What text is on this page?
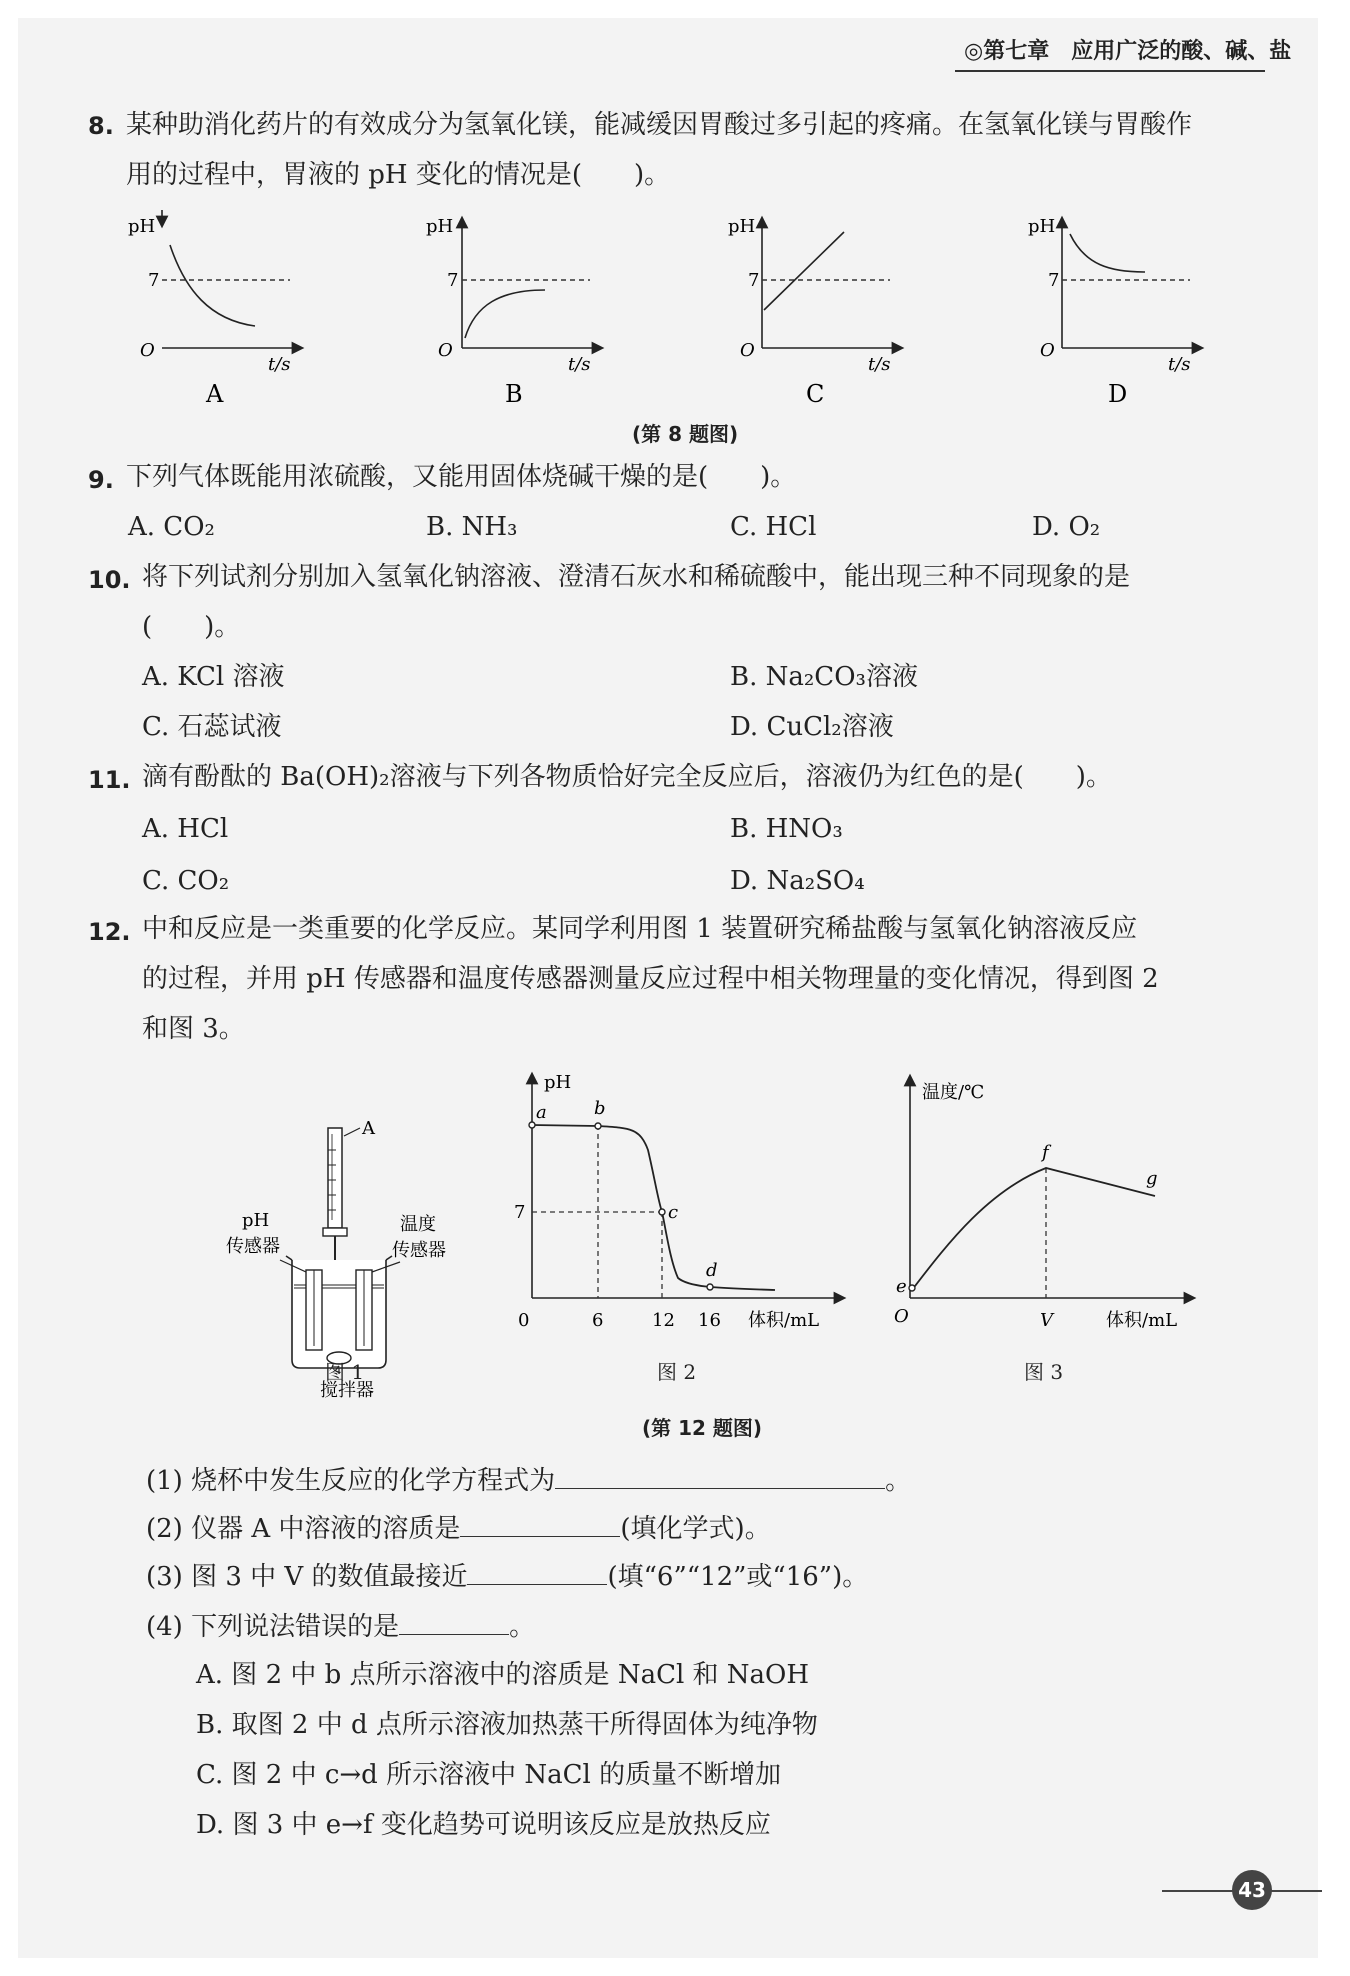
◎第七章　应用广泛的酸、碱、盐
8. 某种助消化药片的有效成分为氢氧化镁，能减缓因胃酸过多引起的疼痛。在氢氧化镁与胃酸作
用的过程中，胃液的 pH 变化的情况是(　　)。
pH
7
O
t/s
A
pH
7
O
t/s
B
pH
7
O
t/s
C
pH
7
O
t/s
D
(第 8 题图)
9. 下列气体既能用浓硫酸，又能用固体烧碱干燥的是(　　)。
A. CO₂	B. NH₃	C. HCl	D. O₂
10. 将下列试剂分别加入氢氧化钠溶液、澄清石灰水和稀硫酸中，能出现三种不同现象的是
(　　)。
A. KCl 溶液	B. Na₂CO₃溶液
C. 石蕊试液	D. CuCl₂溶液
11. 滴有酚酞的 Ba(OH)₂溶液与下列各物质恰好完全反应后，溶液仍为红色的是(　　)。
A. HCl	B. HNO₃
C. CO₂	D. Na₂SO₄
12. 中和反应是一类重要的化学反应。某同学利用图 1 装置研究稀盐酸与氢氧化钠溶液反应
的过程，并用 pH 传感器和温度传感器测量反应过程中相关物理量的变化情况，得到图 2
和图 3。
A
pH
传感器
温度
传感器
搅拌器
图 1
pH
a	b
c
d
7
0	6	12 16 体积/mL
图 2
温度/℃
e
f
g
O	V	体积/mL
图 3
(第 12 题图)
(1) 烧杯中发生反应的化学方程式为	。
(2) 仪器 A 中溶液的溶质是	(填化学式)。
(3) 图 3 中 V 的数值最接近	(填“6”“12”或“16”)。
(4) 下列说法错误的是	。
A. 图 2 中 b 点所示溶液中的溶质是 NaCl 和 NaOH
B. 取图 2 中 d 点所示溶液加热蒸干所得固体为纯净物
C. 图 2 中 c→d 所示溶液中 NaCl 的质量不断增加
D. 图 3 中 e→f 变化趋势可说明该反应是放热反应
43
